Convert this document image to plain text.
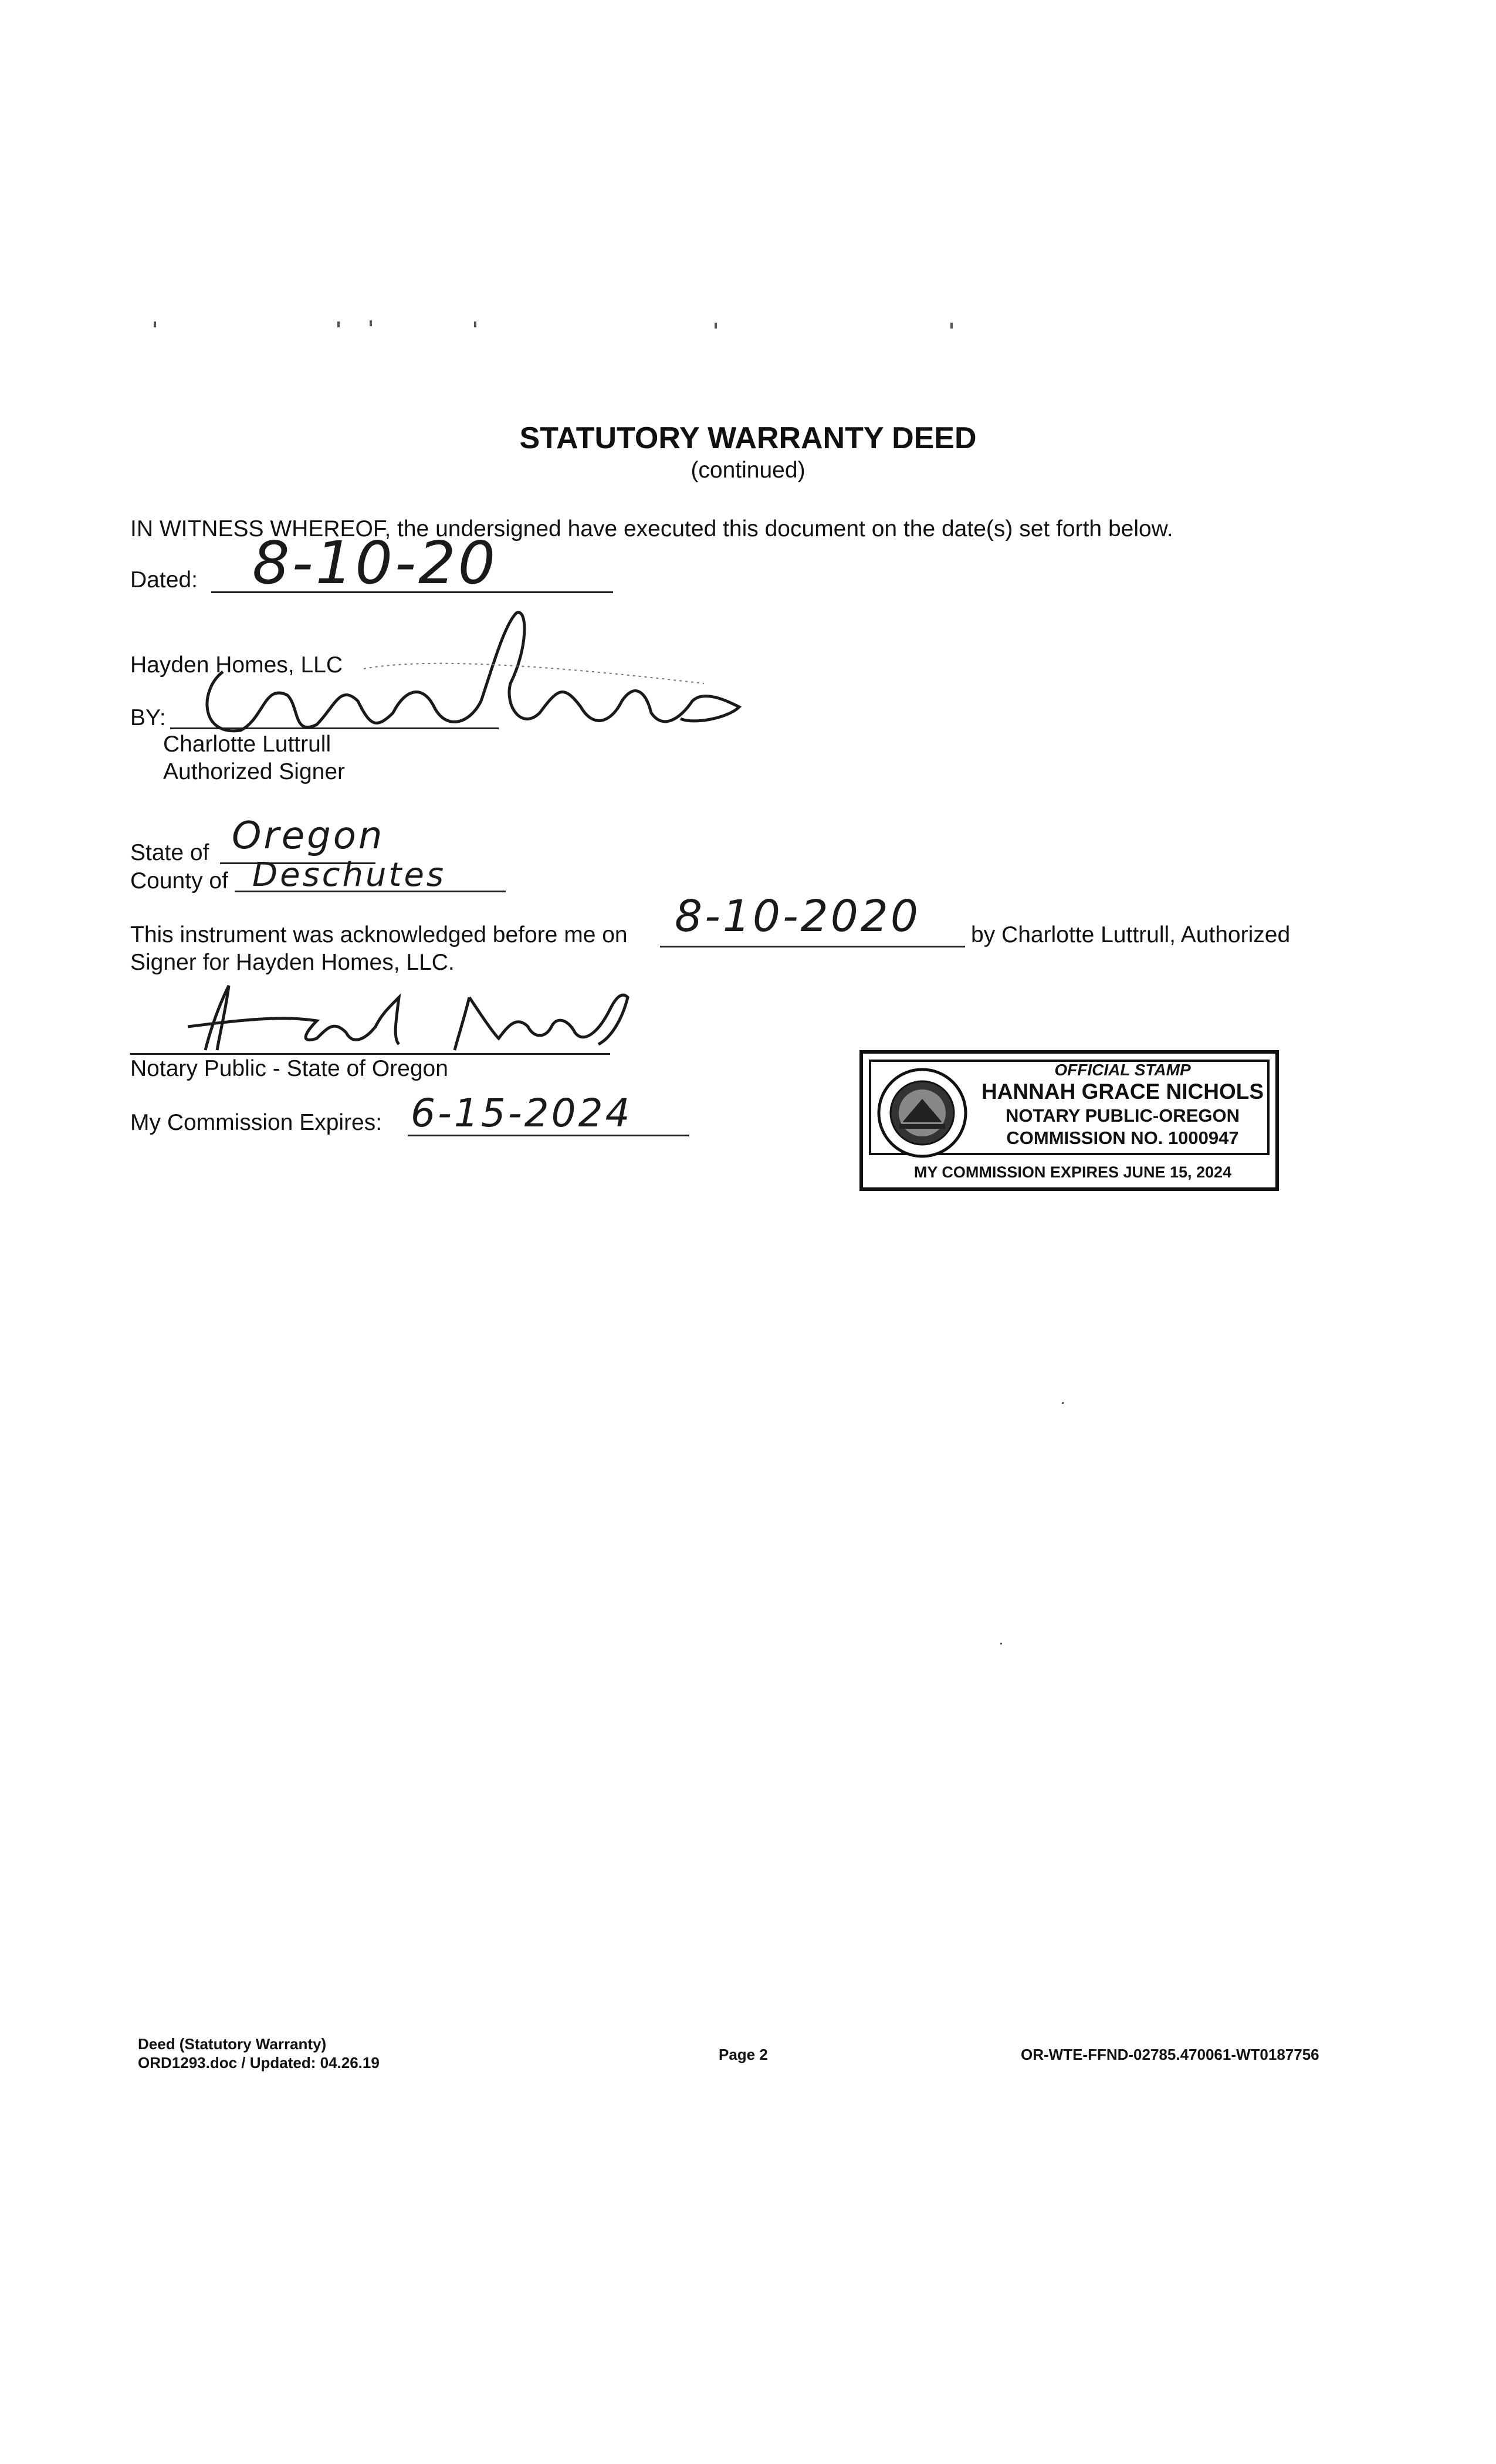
STATUTORY WARRANTY DEED
(continued)
IN WITNESS WHEREOF, the undersigned have executed this document on the date(s) set forth below.
Dated: 8-10-20
Hayden Homes, LLC
BY:
Charlotte Luttrull
Authorized Signer
State of Oregon
County of Deschutes
This instrument was acknowledged before me on 8-10-2020 by Charlotte Luttrull, Authorized
Signer for Hayden Homes, LLC.
Notary Public - State of Oregon
My Commission Expires: 6-15-2024
OFFICIAL STAMP
HANNAH GRACE NICHOLS
NOTARY PUBLIC-OREGON
COMMISSION NO. 1000947
MY COMMISSION EXPIRES JUNE 15, 2024
Deed (Statutory Warranty)
ORD1293.doc / Updated: 04.26.19	Page 2	OR-WTE-FFND-02785.470061-WT0187756
